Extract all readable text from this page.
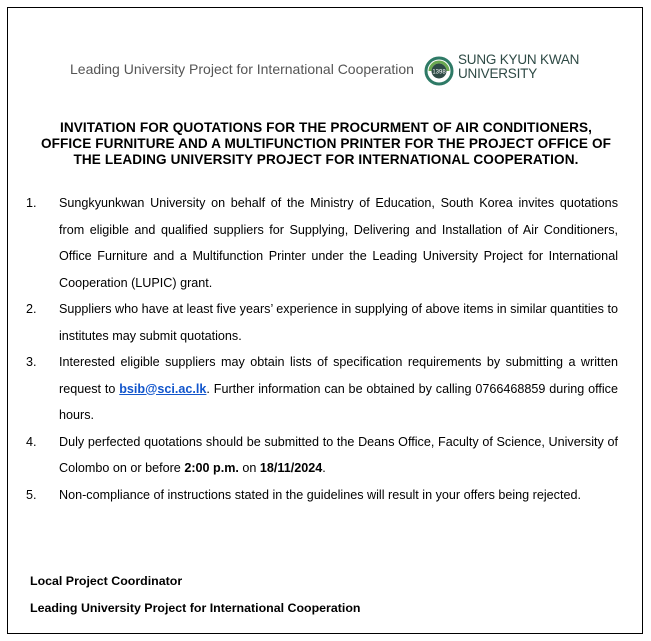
Leading University Project for International Cooperation	1398
SUNG KYUN KWAN
UNIVERSITY
INVITATION FOR QUOTATIONS FOR THE PROCURMENT OF AIR CONDITIONERS,
OFFICE FURNITURE AND A MULTIFUNCTION PRINTER FOR THE PROJECT OFFICE OF
THE LEADING UNIVERSITY PROJECT FOR INTERNATIONAL COOPERATION.
1. Sungkyunkwan University on behalf of the Ministry of Education, South Korea invites quotations from eligible and qualified suppliers for Supplying, Delivering and Installation of Air Conditioners, Office Furniture and a Multifunction Printer under the Leading University Project for International Cooperation (LUPIC) grant.
2. Suppliers who have at least five years’ experience in supplying of above items in similar quantities to institutes may submit quotations.
3. Interested eligible suppliers may obtain lists of specification requirements by submitting a written request to bsib@sci.ac.lk. Further information can be obtained by calling 0766468859 during office hours.
4. Duly perfected quotations should be submitted to the Deans Office, Faculty of Science, University of Colombo on or before 2:00 p.m. on 18/11/2024.
5. Non-compliance of instructions stated in the guidelines will result in your offers being rejected.
Local Project Coordinator
Leading University Project for International Cooperation
